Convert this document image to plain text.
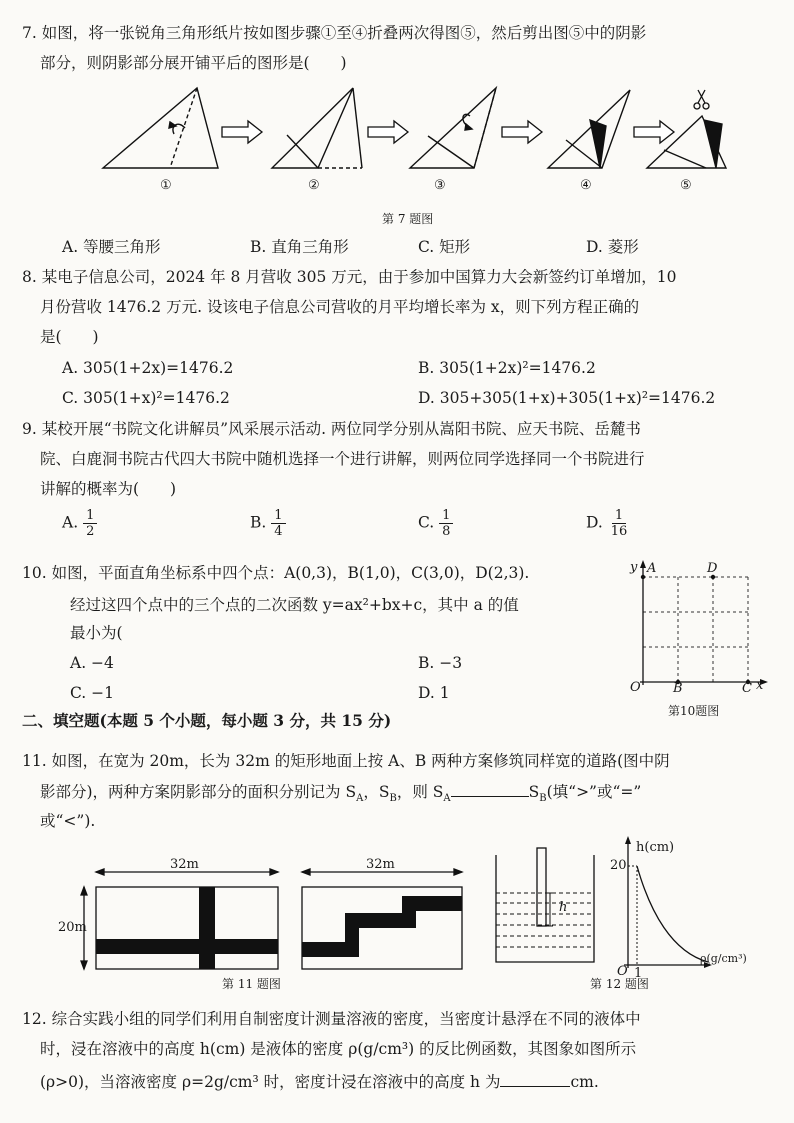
7. 如图，将一张锐角三角形纸片按如图步骤①至④折叠两次得图⑤，然后剪出图⑤中的阴影
部分，则阴影部分展开铺平后的图形是(　　)
①	②	③	④	⑤
第 7 题图
A. 等腰三角形	B. 直角三角形	C. 矩形	D. 菱形
8. 某电子信息公司，2024 年 8 月营收 305 万元，由于参加中国算力大会新签约订单增加，10
月份营收 1476.2 万元. 设该电子信息公司营收的月平均增长率为 x，则下列方程正确的
是(　　)
A. 305(1+2x)=1476.2	B. 305(1+2x)²=1476.2
C. 305(1+x)²=1476.2	D. 305+305(1+x)+305(1+x)²=1476.2
9. 某校开展“书院文化讲解员”风采展示活动. 两位同学分别从嵩阳书院、应天书院、岳麓书
院、白鹿洞书院古代四大书院中随机选择一个进行讲解，则两位同学选择同一个书院进行
讲解的概率为(　　)
A. $\frac{1}{2}$	B. $\frac{1}{4}$	C. $\frac{1}{8}$	D. $\frac{1}{16}$
10. 如图，平面直角坐标系中四个点：A(0,3)，B(1,0)，C(3,0)，D(2,3).
经过这四个点中的三个点的二次函数 y=ax²+bx+c，其中 a 的值
最小为(
A. −4	B. −3
C. −1	D. 1
y A	D
O B	C x
第10题图
二、填空题(本题 5 个小题，每小题 3 分，共 15 分)
11. 如图，在宽为 20m，长为 32m 的矩形地面上按 A、B 两种方案修筑同样宽的道路(图中阴
影部分)，两种方案阴影部分的面积分别记为 $S_A$，$S_B$，则 $S_A$	$S_B$(填“>”或“=”
或“<”).
32m
20m
32m
第 11 题图
h
h(cm)
20
O 1
ρ(g/cm³)
第 12 题图
12. 综合实践小组的同学们利用自制密度计测量溶液的密度，当密度计悬浮在不同的液体中
时，浸在溶液中的高度 h(cm) 是液体的密度 ρ(g/cm³) 的反比例函数，其图象如图所示
(ρ>0)，当溶液密度 ρ=2g/cm³ 时，密度计浸在溶液中的高度 h 为	cm.
